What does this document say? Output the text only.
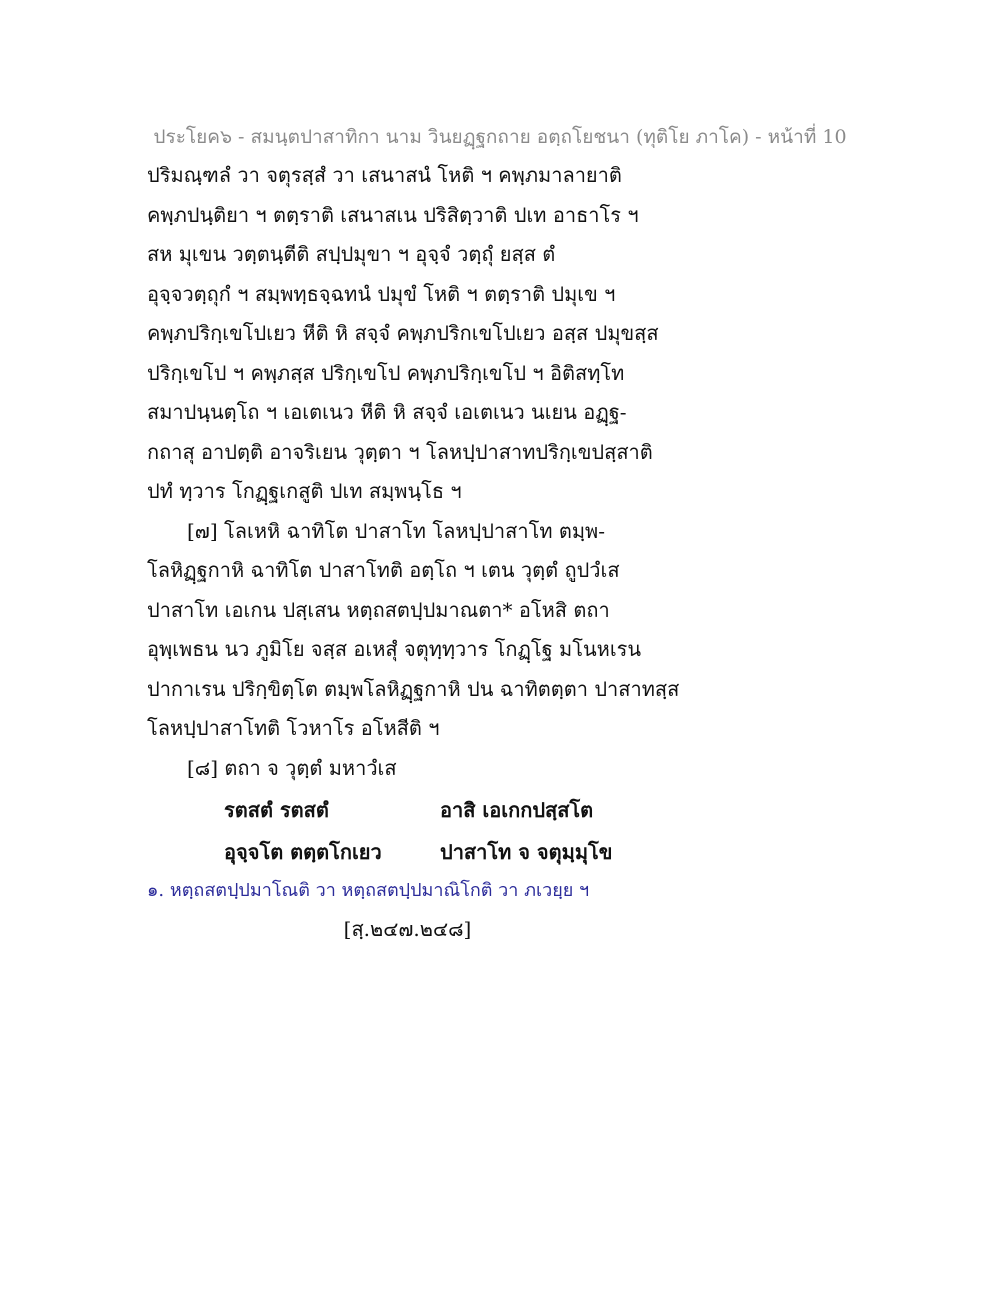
ประโยค๖ - สมนฺตปาสาทิกา นาม วินยฏฺฐกถาย อตฺถโยชนา (ทุติโย ภาโค) - หน้าที่ 10
ปริมณฺฑลํ วา จตุรสฺสํ วา เสนาสนํ โหติ ฯ คพฺภมาลายาติ
คพฺภปนฺติยา ฯ ตตฺราติ เสนาสเน ปริสิตฺวาติ ปเท อาธาโร ฯ
สห มุเขน วตฺตนฺตีติ สปฺปมุขา ฯ อุจฺจํ วตฺถุํ ยสฺส ตํ
อุจฺจวตฺถุกํ ฯ สมฺพทฺธจฺฉทนํ ปมุขํ โหติ ฯ ตตฺราติ ปมุเข ฯ
คพฺภปริกฺเขโปเยว หีติ หิ สจฺจํ คพฺภปริกเขโปเยว อสฺส ปมุขสฺส
ปริกฺเขโป ฯ คพฺภสฺส ปริกฺเขโป คพฺภปริกฺเขโป ฯ อิติสทฺโท
สมาปนฺนตฺโถ ฯ เอเตเนว หีติ หิ สจฺจํ เอเตเนว นเยน อฏฺฐ-
กถาสุ อาปตฺติ อาจริเยน วุตฺตา ฯ โลหปฺปาสาทปริกฺเขปสฺสาติ
ปทํ ทฺวาร โกฏฺฐเกสูติ ปเท สมฺพนฺโธ ฯ
[๗] โลเหหิ ฉาทิโต ปาสาโท โลหปฺปาสาโท ตมฺพ-
โลหิฏฺฐกาหิ ฉาทิโต ปาสาโทติ อตฺโถ ฯ เตน วุตฺตํ ถูปวํเส
ปาสาโท เอเกน ปสฺเสน หตฺถสตปฺปมาณตา* อโหสิ ตถา
อุพฺเพธน นว ภูมิโย จสฺส อเหสุํ จตุทฺทฺวาร โกฏฺโฐ มโนหเรน
ปากาเรน ปริกฺขิตฺโต ตมฺพโลหิฏฺฐกาหิ ปน ฉาทิตตฺตา ปาสาทสฺส
โลหปฺปาสาโทติ โวหาโร อโหสีติ ฯ
[๘] ตถา จ วุตฺตํ มหาวํเส
รตสตํ รตสตํ	อาสิ เอเกกปสฺสโต
อุจฺจโต ตตฺตโกเยว	ปาสาโท จ จตุมฺมุโข
๑. หตฺถสตปฺปมาโณติ วา หตฺถสตปฺปมาณิโกติ วา ภเวยฺย ฯ
[สฺ.๒๔๗.๒๔๘]
